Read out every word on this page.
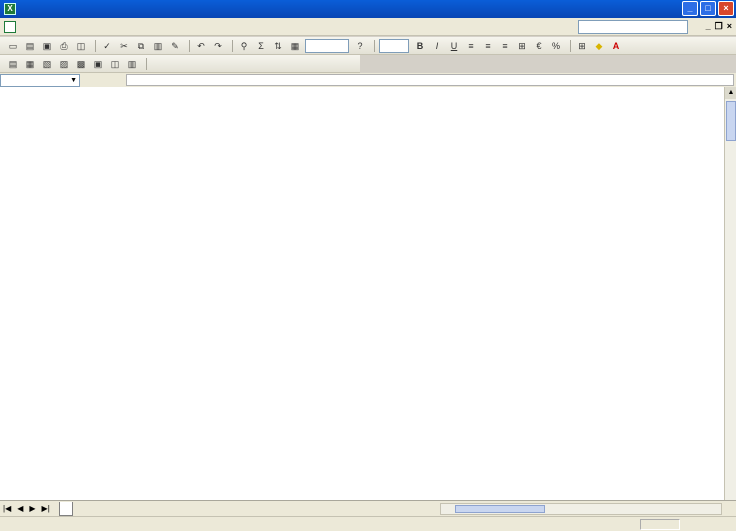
X	_	□	×
_ ❐ ×
▭ ▤ ▣	⎙	◫	✓	✂	⧉	▥ ✎	↶	↷	⚲	Σ	⇅ ▦	?	B	I	U	≡	≡	≡	⊞	€	%	⊞	◆	A
▤ ▦ ▧ ▨ ▩ ▣ ◫ ▥
▼
▲
|◀ ◀ ▶ ▶|
